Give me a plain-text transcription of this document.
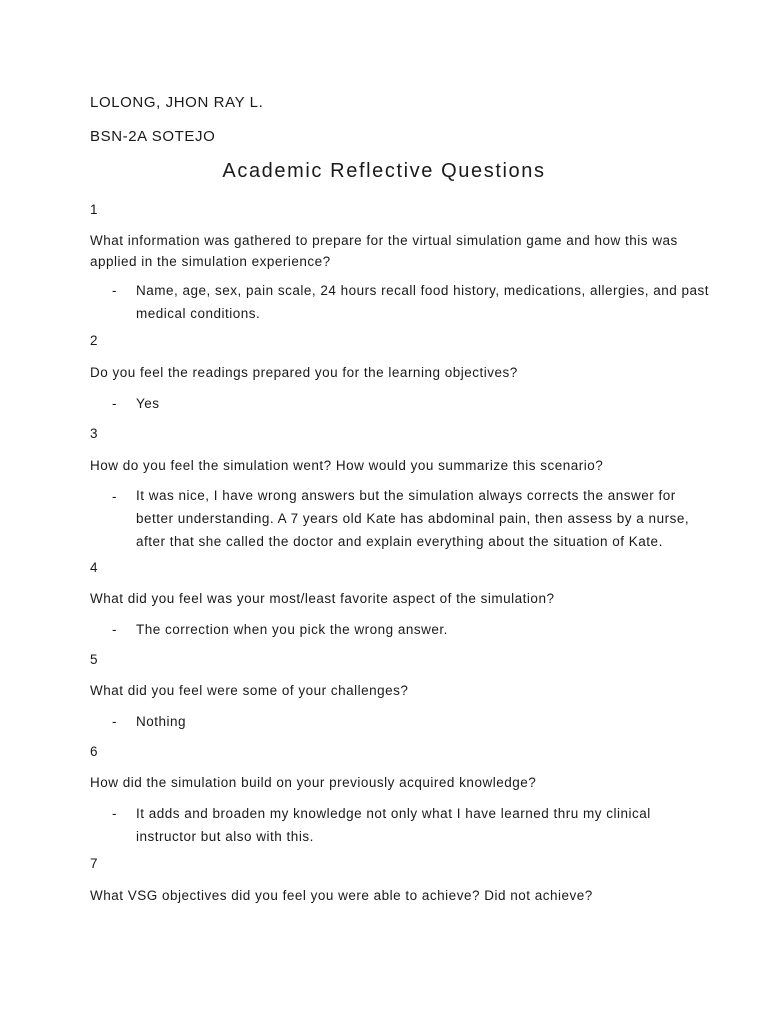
LOLONG, JHON RAY L.
BSN-2A SOTEJO
Academic Reflective Questions
1
What information was gathered to prepare for the virtual simulation game and how this was
applied in the simulation experience?
- Name, age, sex, pain scale, 24 hours recall food history, medications, allergies, and past
medical conditions.
2
Do you feel the readings prepared you for the learning objectives?
- Yes
3
How do you feel the simulation went? How would you summarize this scenario?
- It was nice, I have wrong answers but the simulation always corrects the answer for
better understanding. A 7 years old Kate has abdominal pain, then assess by a nurse,
after that she called the doctor and explain everything about the situation of Kate.
4
What did you feel was your most/least favorite aspect of the simulation?
- The correction when you pick the wrong answer.
5
What did you feel were some of your challenges?
- Nothing
6
How did the simulation build on your previously acquired knowledge?
- It adds and broaden my knowledge not only what I have learned thru my clinical
instructor but also with this.
7
What VSG objectives did you feel you were able to achieve? Did not achieve?
